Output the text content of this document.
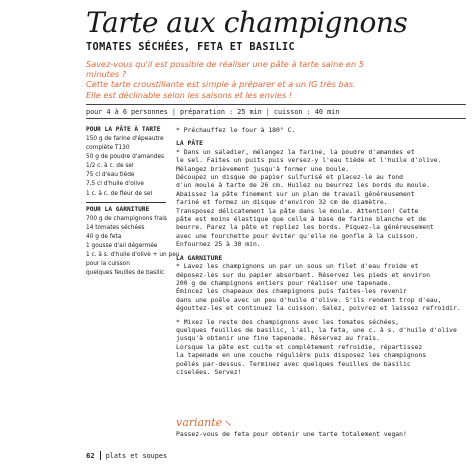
Tarte aux champignons
TOMATES SÉCHÉES, FETA ET BASILIC

Savez-vous qu'il est possible de réaliser une pâte à tarte saine en 5 minutes ?

Cette tarte croustillante est simple à préparer et a un IG très bas.

Elle est déclinable selon les saisons et les envies !

pour 4 à 6 personnes | préparation : 25 min | cuisson : 40 min
POUR LA PÂTE À TARTE
150 g de farine d'épeautre
complète T130
50 g de poudre d'amandes
1/2 c. à c. de sel
75 cl d'eau tiède
7,5 cl d'huile d'olive
1 c. à c. de fleur de sel
POUR LA GARNITURE
700 g de champignons frais
14 tomates séchées
40 g de feta
1 gousse d'ail dégermée
1 c. à s. d'huile d'olive + un peu
pour la cuisson
quelques feuilles de basilic

* Préchauffez le four à 180° C.

LA PÂTE

* Dans un saladier, mélangez la farine, la poudre d'amandes et

le sel. Faites un puits puis versez-y l'eau tiède et l'huile d'olive.

Mélangez brièvement jusqu'à former une boule.

Découpez un disque de papier sulfurisé et placez-le au fond

d'un moule à tarte de 26 cm. Huilez ou beurrez les bords du moule.

Abaissez la pâte finement sur un plan de travail généreusement

fariné et formez un disque d'environ 32 cm de diamètre.

Transposez délicatement la pâte dans le moule. Attention! Cette

pâte est moins élastique que celle à base de farine blanche et de

beurre. Parez la pâte et repliez les bords. Piquez-la généreusement

avec une fourchette pour éviter qu'elle ne gonfle à la cuisson.

Enfournez 25 à 30 min.

LA GARNITURE

* Lavez les champignons un par un sous un filet d'eau froide et

déposez-les sur du papier absorbant. Réservez les pieds et environ

200 g de champignons entiers pour réaliser une tapenade.

Émincez les chapeaux des champignons puis faites-les revenir

dans une poêle avec un peu d'huile d'olive. S'ils rendent trop d'eau,

égouttez-les et continuez la cuisson. Salez, poivrez et laissez refroidir.

* Mixez le reste des champignons avec les tomates séchées,

quelques feuilles de basilic, l'ail, la feta, une c. à s. d'huile d'olive

jusqu'à obtenir une fine tapenade. Réservez au frais.

Lorsque la pâte est cuite et complètement refroidie, répartissez

la tapenade en une couche régulière puis disposez les champignons

poêlés par-dessus. Terminez avec quelques feuilles de basilic

ciselées. Servez!

variante ↘
Passez-vous de feta pour obtenir une tarte totalement vegan!
62 plats et soupes
